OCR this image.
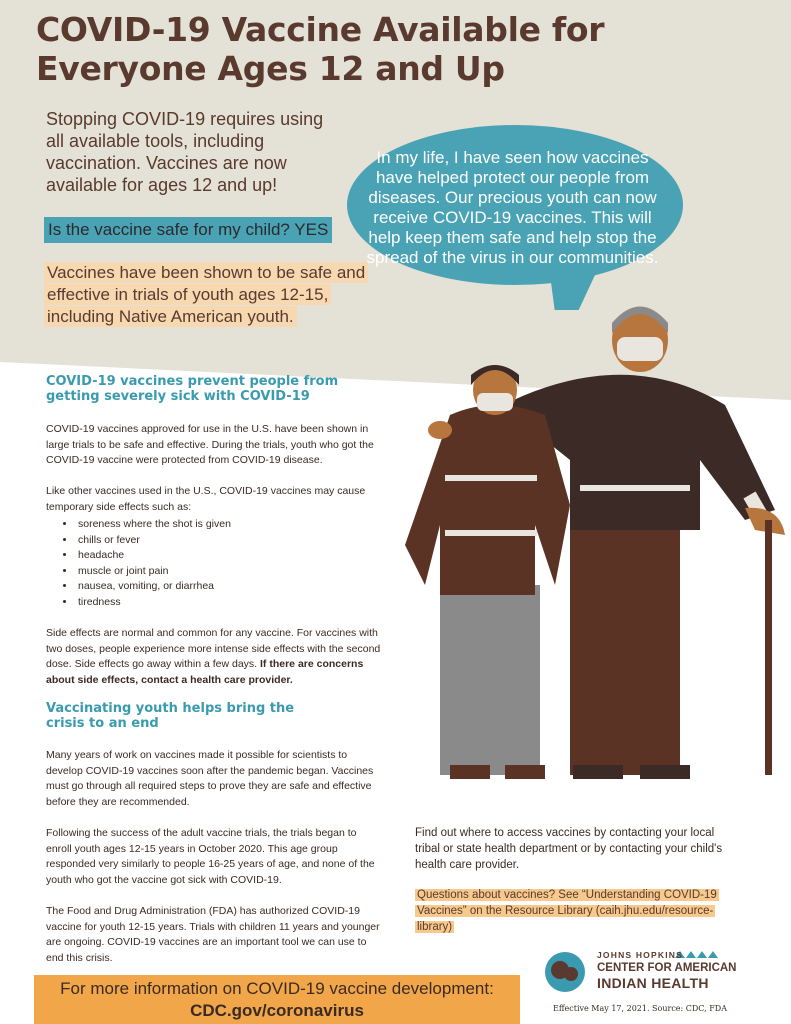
COVID-19 Vaccine Available for
Everyone Ages 12 and Up
Stopping COVID-19 requires using all available tools, including vaccination. Vaccines are now available for ages 12 and up!
Is the vaccine safe for my child? YES
Vaccines have been shown to be safe and effective in trials of youth ages 12-15, including Native American youth.
In my life, I have seen how vaccines have helped protect our people from diseases. Our precious youth can now receive COVID-19 vaccines. This will help keep them safe and help stop the spread of the virus in our communities.
COVID-19 vaccines prevent people from getting severely sick with COVID-19

COVID-19 vaccines approved for use in the U.S. have been shown in large trials to be safe and effective. During the trials, youth who got the COVID-19 vaccine were protected from COVID-19 disease.

Like other vaccines used in the U.S., COVID-19 vaccines may cause temporary side effects such as:

• soreness where the shot is given
• chills or fever
• headache
• muscle or joint pain
• nausea, vomiting, or diarrhea
• tiredness

Side effects are normal and common for any vaccine. For vaccines with two doses, people experience more intense side effects with the second dose. Side effects go away within a few days. If there are concerns about side effects, contact a health care provider.

Vaccinating youth helps bring the crisis to an end

Many years of work on vaccines made it possible for scientists to develop COVID-19 vaccines soon after the pandemic began. Vaccines must go through all required steps to prove they are safe and effective before they are recommended.

Following the success of the adult vaccine trials, the trials began to enroll youth ages 12-15 years in October 2020. This age group responded very similarly to people 16-25 years of age, and none of the youth who got the vaccine got sick with COVID-19.

The Food and Drug Administration (FDA) has authorized COVID-19 vaccine for youth 12-15 years. Trials with children 11 years and younger are ongoing. COVID-19 vaccines are an important tool we can use to end this crisis.

Find out where to access vaccines by contacting your local tribal or state health department or by contacting your child's health care provider.
Questions about vaccines? See “Understanding COVID-19 Vaccines” on the Resource Library (caih.jhu.edu/resource-library)
For more information on COVID-19 vaccine development:
CDC.gov/coronavirus
JOHNS HOPKINS
CENTER FOR AMERICAN
INDIAN HEALTH
Effective May 17, 2021. Source: CDC, FDA
